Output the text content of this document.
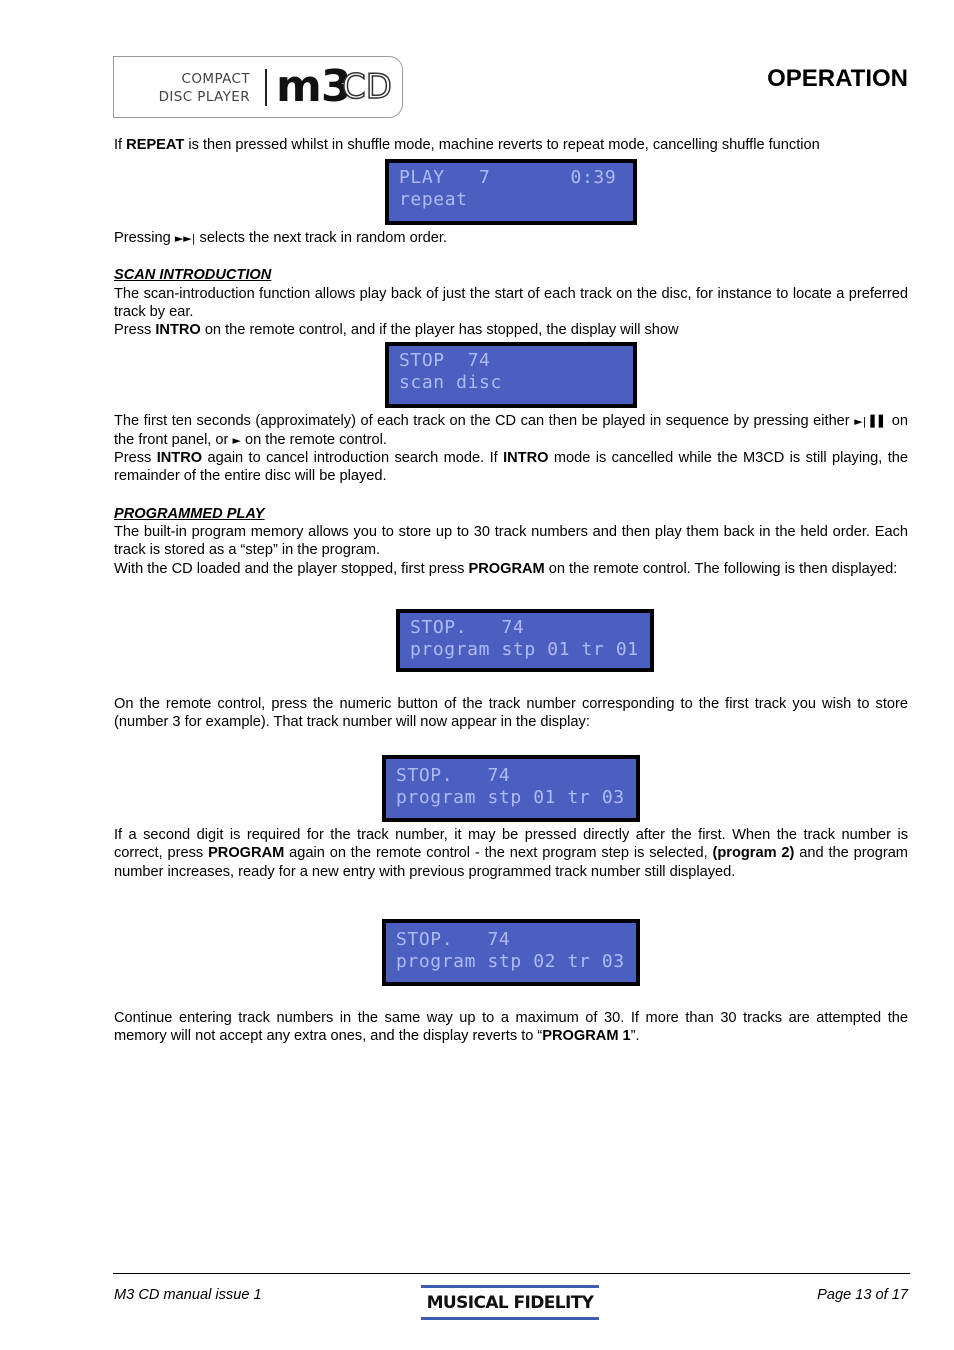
COMPACT
DISC PLAYER m3
CD	OPERATION

If REPEAT is then pressed whilst in shuffle mode, machine reverts to repeat mode, cancelling shuffle function

PLAY   7       0:39
repeat

Pressing ►►| selects the next track in random order.

SCAN INTRODUCTION

The scan-introduction function allows play back of just the start of each track on the disc, for instance to locate a preferred track by ear.

Press INTRO on the remote control, and if the player has stopped, the display will show

STOP  74
scan disc

The first ten seconds (approximately) of each track on the CD can then be played in sequence by pressing either ►| ▌▌ on the front panel, or ► on the remote control.

Press INTRO again to cancel introduction search mode. If INTRO mode is cancelled while the M3CD is still playing, the remainder of the entire disc will be played.

PROGRAMMED PLAY

The built-in program memory allows you to store up to 30 track numbers and then play them back in the held order. Each track is stored as a “step” in the program.

With the CD loaded and the player stopped, first press PROGRAM on the remote control. The following is then displayed:

STOP.   74
program stp 01 tr 01

On the remote control, press the numeric button of the track number corresponding to the first track you wish to store (number 3 for example). That track number will now appear in the display:

STOP.   74
program stp 01 tr 03

If a second digit is required for the track number, it may be pressed directly after the first. When the track number is correct, press PROGRAM again on the remote control - the next program step is selected, (program 2) and the program number increases, ready for a new entry with previous programmed track number still displayed.

STOP.   74
program stp 02 tr 03

Continue entering track numbers in the same way up to a maximum of 30. If more than 30 tracks are attempted the memory will not accept any extra ones, and the display reverts to “PROGRAM 1”.

M3 CD manual issue 1	MUSICAL FIDELITY	Page 13 of 17
